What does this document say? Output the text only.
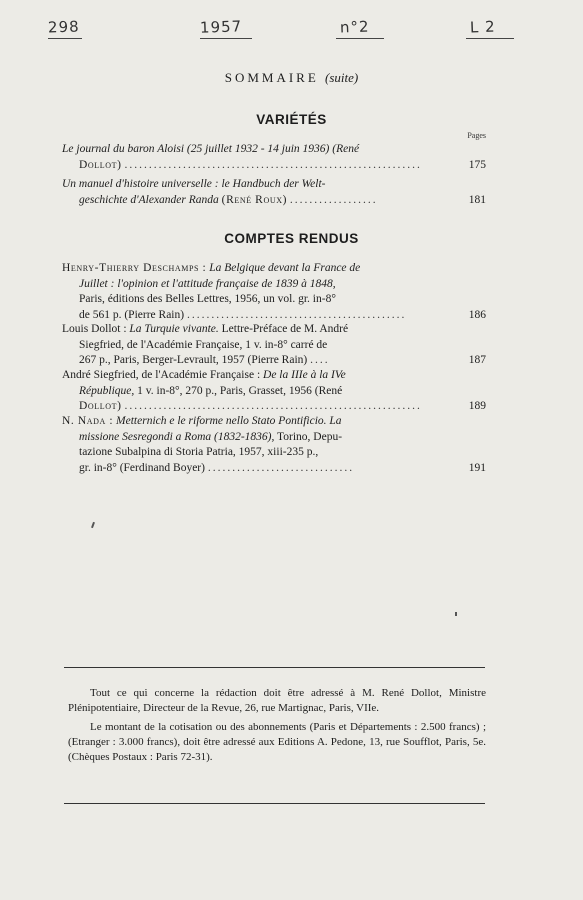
298	1957	n°2	L 2
SOMMAIRE (suite)
VARIÉTÉS
Pages
Le journal du baron Aloisi (25 juillet 1932 - 14 juin 1936) (René
Dollot) .............................................................	175
Un manuel d'histoire universelle : le Handbuch der Welt-
geschichte d'Alexander Randa (René Roux) ..................	181
COMPTES RENDUS
Henry-Thierry Deschamps : La Belgique devant la France de
Juillet : l'opinion et l'attitude française de 1839 à 1848,
Paris, éditions des Belles Lettres, 1956, un vol. gr. in-8°
de 561 p. (Pierre Rain) .............................................	186
Louis Dollot : La Turquie vivante. Lettre-Préface de M. André
Siegfried, de l'Académie Française, 1 v. in-8° carré de
267 p., Paris, Berger-Levrault, 1957 (Pierre Rain) ....	187
André Siegfried, de l'Académie Française : De la IIIe à la IVe
République, 1 v. in-8°, 270 p., Paris, Grasset, 1956 (René
Dollot) .............................................................	189
N. Nada : Metternich e le riforme nello Stato Pontificio. La
missione Sesregondi a Roma (1832-1836), Torino, Depu-
tazione Subalpina di Storia Patria, 1957, xiii-235 p.,
gr. in-8° (Ferdinand Boyer) ..............................	191

Tout ce qui concerne la rédaction doit être adressé à M. René Dollot, Ministre Plénipotentiaire, Directeur de la Revue, 26, rue Martignac, Paris, VIIe.

Le montant de la cotisation ou des abonnements (Paris et Départements : 2.500 francs) ; (Etranger : 3.000 francs), doit être adressé aux Editions A. Pedone, 13, rue Soufflot, Paris, 5e. (Chèques Postaux : Paris 72-31).
